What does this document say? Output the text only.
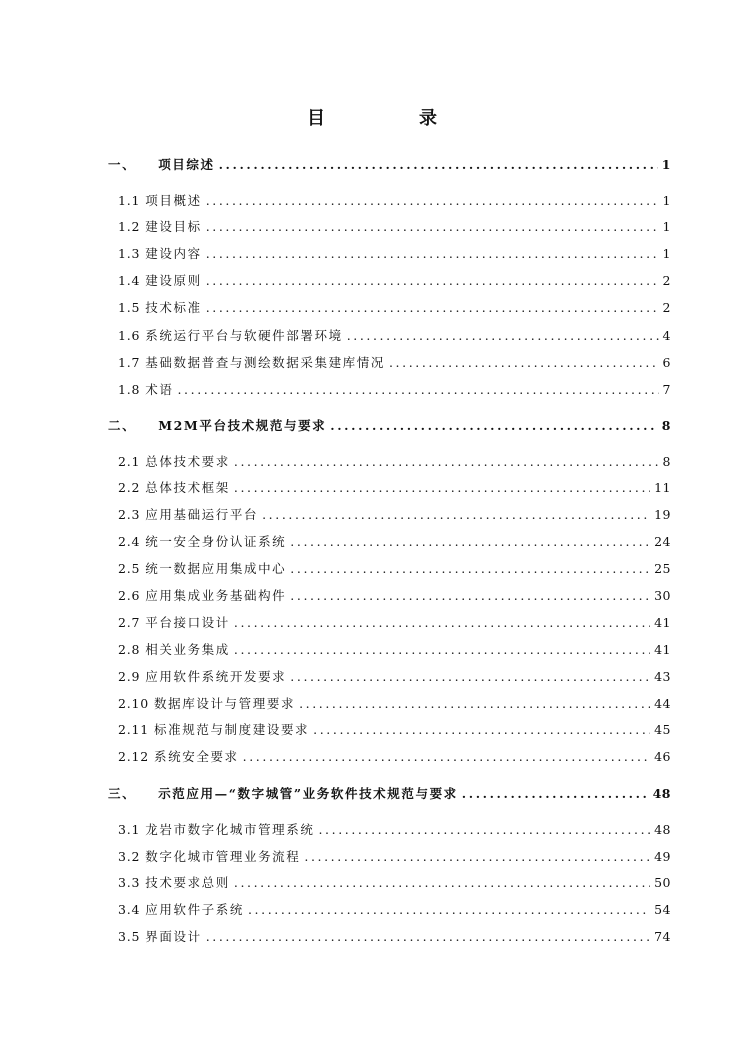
目　录
一、 项目综述 .....	1
1.1 项目概述 .....	1
1.2 建设目标 .....	1
1.3 建设内容 .....	1
1.4 建设原则 .....	2
1.5 技术标准 .....	2
1.6 系统运行平台与软硬件部署环境 .....	4
1.7 基础数据普查与测绘数据采集建库情况 .....	6
1.8 术语 .....	7
二、 M2M平台技术规范与要求 .....	8
2.1 总体技术要求 .....	8
2.2 总体技术框架 .....	11
2.3 应用基础运行平台 .....	19
2.4 统一安全身份认证系统 .....	24
2.5 统一数据应用集成中心 .....	25
2.6 应用集成业务基础构件 .....	30
2.7 平台接口设计 .....	41
2.8 相关业务集成 .....	41
2.9 应用软件系统开发要求 .....	43
2.10 数据库设计与管理要求 .....	44
2.11 标准规范与制度建设要求 .....	45
2.12 系统安全要求 .....	46
三、 示范应用—“数字城管”业务软件技术规范与要求 .....	48
3.1 龙岩市数字化城市管理系统 .....	48
3.2 数字化城市管理业务流程 .....	49
3.3 技术要求总则 .....	50
3.4 应用软件子系统 .....	54
3.5 界面设计 .....	74
